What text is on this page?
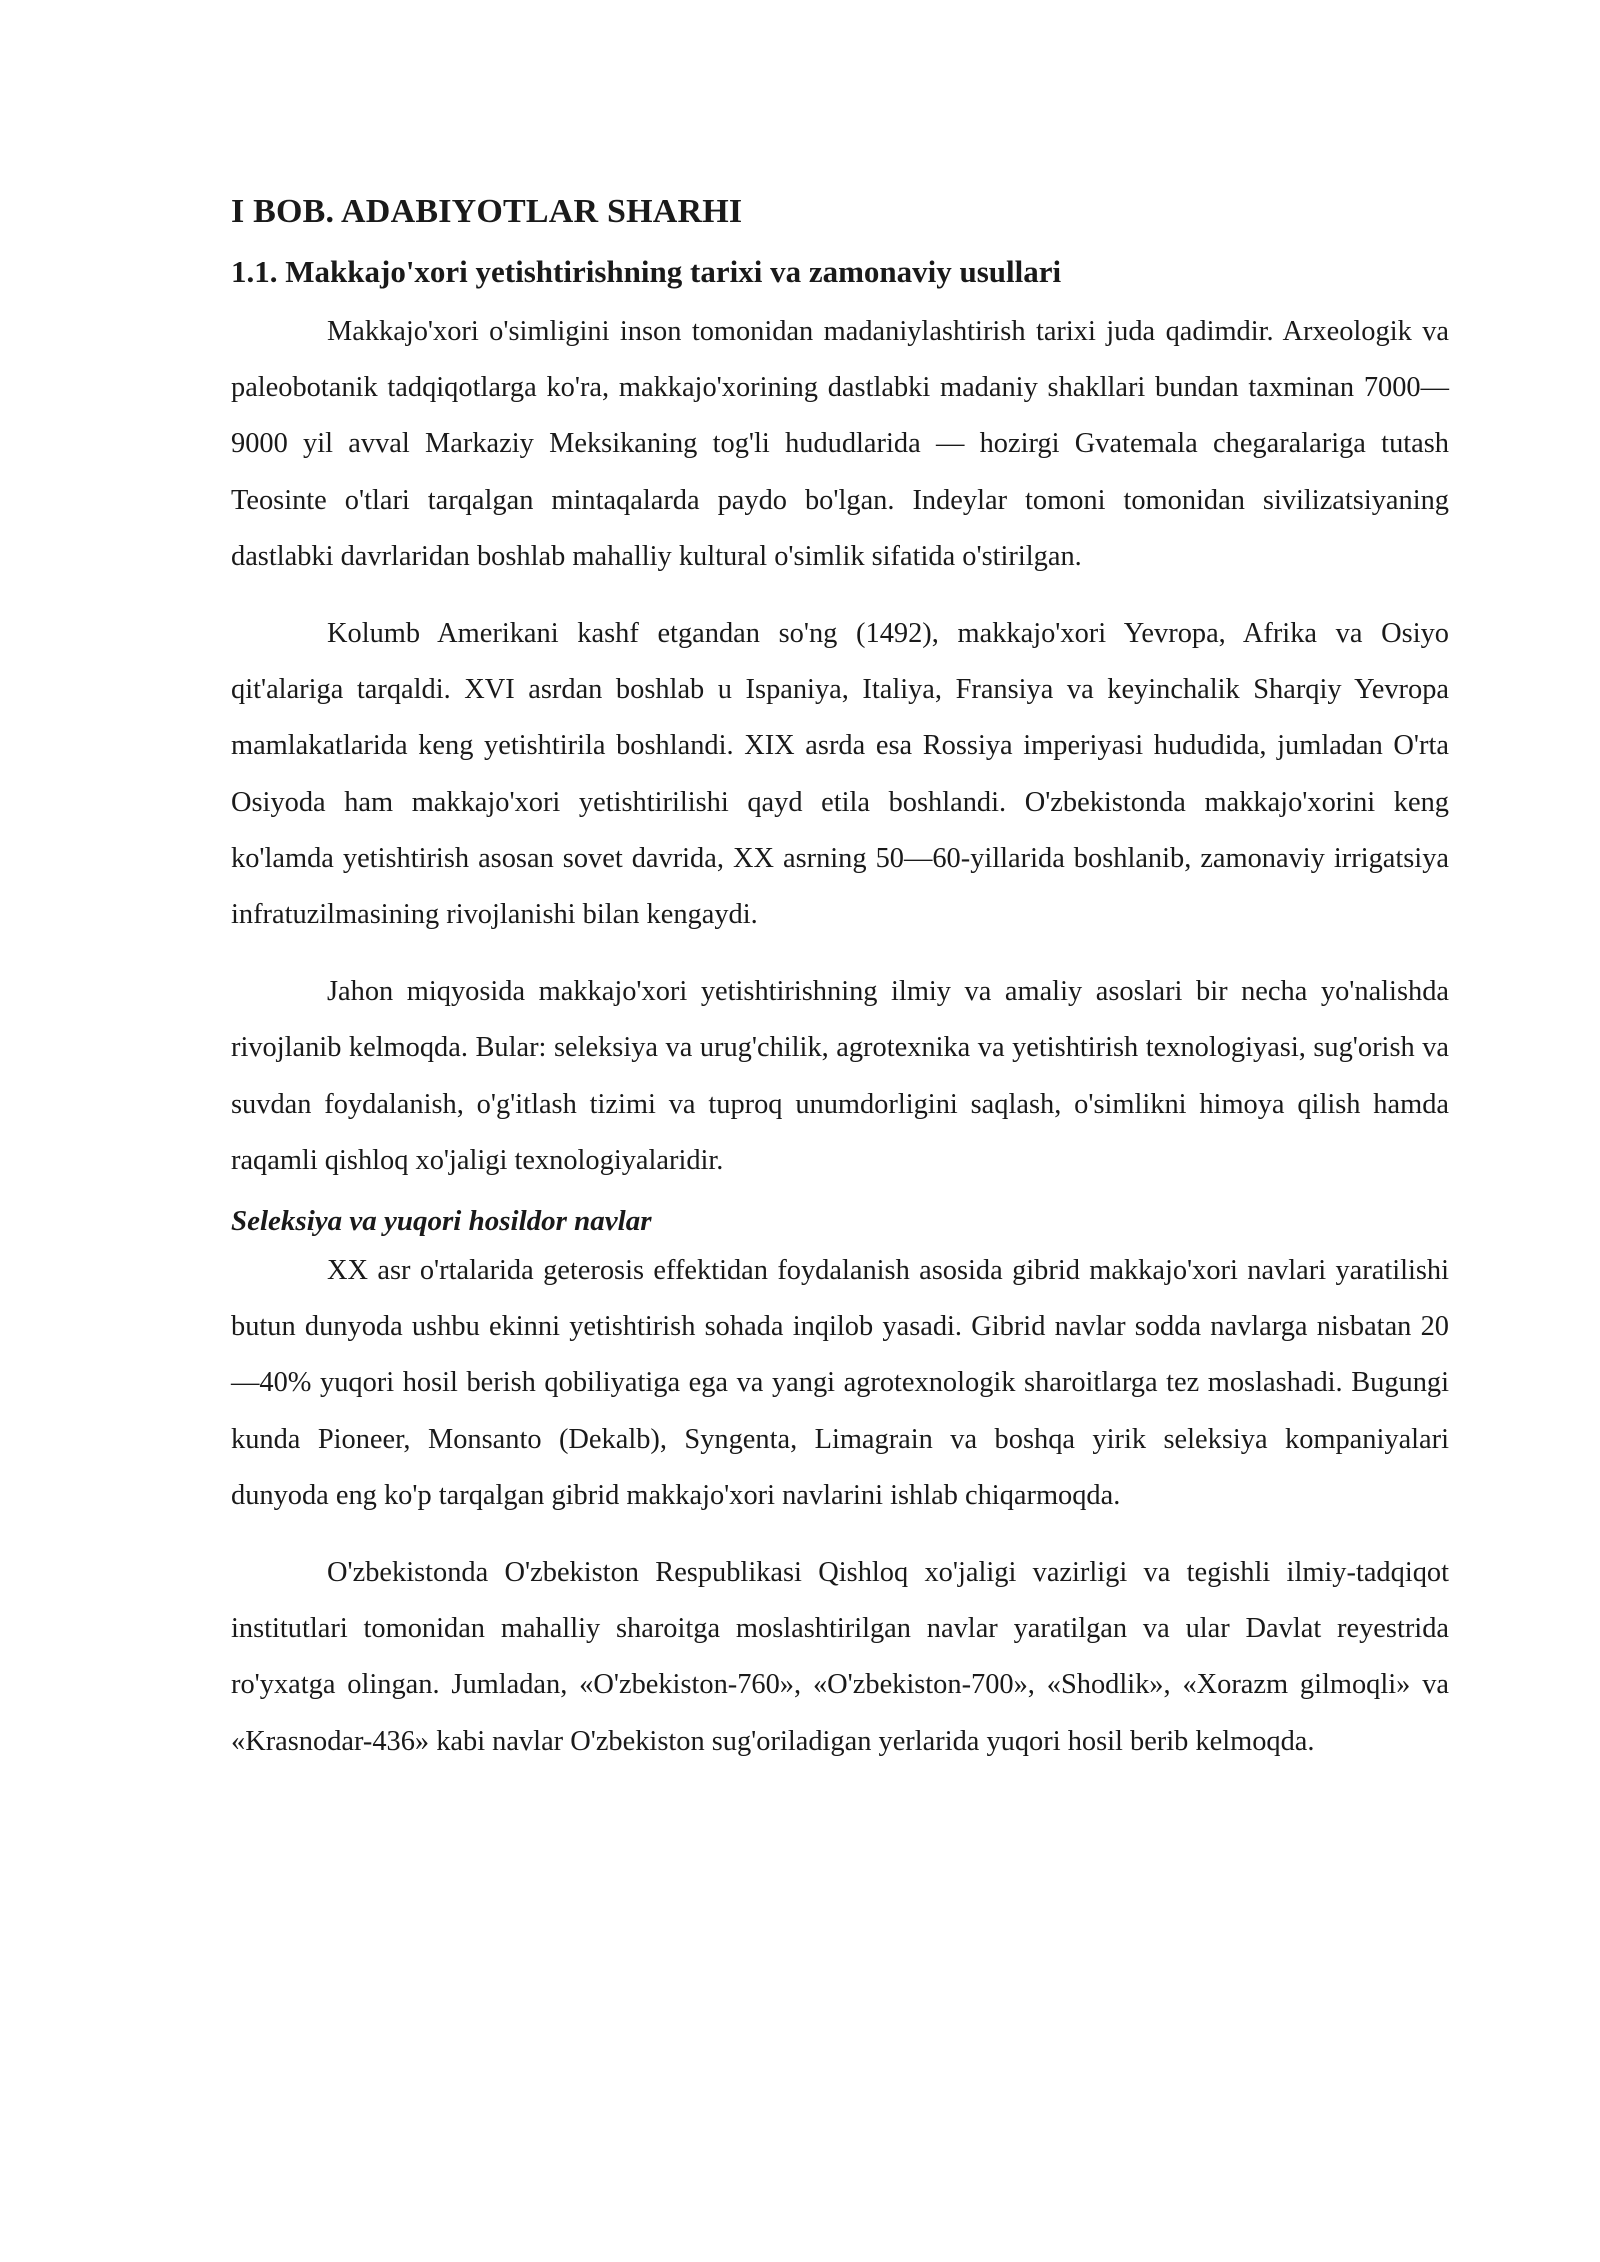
I BOB. ADABIYOTLAR SHARHI
1.1. Makkajo'xori yetishtirishning tarixi va zamonaviy usullari

Makkajo'xori o'simligini inson tomonidan madaniylashtirish tarixi juda qadimdir. Arxeologik va paleobotanik tadqiqotlarga ko'ra, makkajo'xorining dastlabki madaniy shakllari bundan taxminan 7000—9000 yil avval Markaziy Meksikaning tog'li hududlarida — hozirgi Gvatemala chegaralariga tutash Teosinte o'tlari tarqalgan mintaqalarda paydo bo'lgan. Indeylar tomoni tomonidan sivilizatsiyaning dastlabki davrlaridan boshlab mahalliy kultural o'simlik sifatida o'stirilgan.

Kolumb Amerikani kashf etgandan so'ng (1492), makkajo'xori Yevropa, Afrika va Osiyo qit'alariga tarqaldi. XVI asrdan boshlab u Ispaniya, Italiya, Fransiya va keyinchalik Sharqiy Yevropa mamlakatlarida keng yetishtirila boshlandi. XIX asrda esa Rossiya imperiyasi hududida, jumladan O'rta Osiyoda ham makkajo'xori yetishtirilishi qayd etila boshlandi. O'zbekistonda makkajo'xorini keng ko'lamda yetishtirish asosan sovet davrida, XX asrning 50—60-yillarida boshlanib, zamonaviy irrigatsiya infratuzilmasining rivojlanishi bilan kengaydi.

Jahon miqyosida makkajo'xori yetishtirishning ilmiy va amaliy asoslari bir necha yo'nalishda rivojlanib kelmoqda. Bular: seleksiya va urug'chilik, agrotexnika va yetishtirish texnologiyasi, sug'orish va suvdan foydalanish, o'g'itlash tizimi va tuproq unumdorligini saqlash, o'simlikni himoya qilish hamda raqamli qishloq xo'jaligi texnologiyalaridir.

Seleksiya va yuqori hosildor navlar

XX asr o'rtalarida geterosis effektidan foydalanish asosida gibrid makkajo'xori navlari yaratilishi butun dunyoda ushbu ekinni yetishtirish sohada inqilob yasadi. Gibrid navlar sodda navlarga nisbatan 20—40% yuqori hosil berish qobiliyatiga ega va yangi agrotexnologik sharoitlarga tez moslashadi. Bugungi kunda Pioneer, Monsanto (Dekalb), Syngenta, Limagrain va boshqa yirik seleksiya kompaniyalari dunyoda eng ko'p tarqalgan gibrid makkajo'xori navlarini ishlab chiqarmoqda.

O'zbekistonda O'zbekiston Respublikasi Qishloq xo'jaligi vazirligi va tegishli ilmiy-tadqiqot institutlari tomonidan mahalliy sharoitga moslashtirilgan navlar yaratilgan va ular Davlat reyestrida ro'yxatga olingan. Jumladan, «O'zbekiston-760», «O'zbekiston-700», «Shodlik», «Xorazm gilmoqli» va «Krasnodar-436» kabi navlar O'zbekiston sug'oriladigan yerlarida yuqori hosil berib kelmoqda.
